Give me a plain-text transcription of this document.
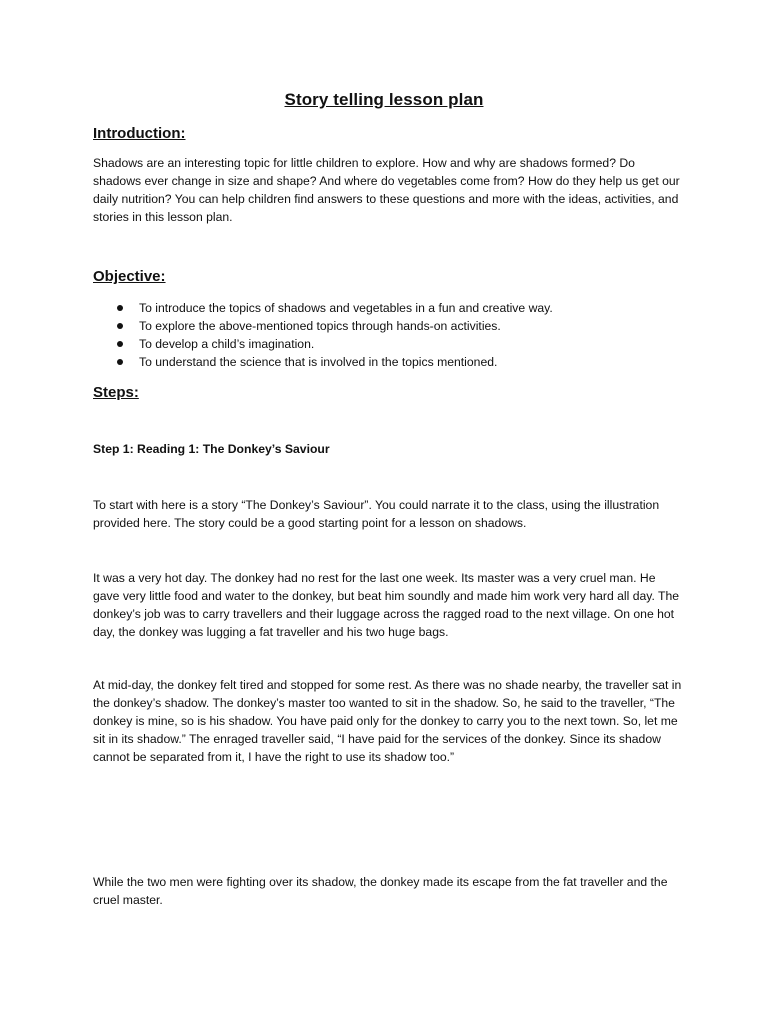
Story telling lesson plan
Introduction:

Shadows are an interesting topic for little children to explore. How and why are shadows formed? Do shadows ever change in size and shape? And where do vegetables come from? How do they help us get our daily nutrition? You can help children find answers to these questions and more with the ideas, activities, and stories in this lesson plan.

Objective:
To introduce the topics of shadows and vegetables in a fun and creative way.
To explore the above-mentioned topics through hands-on activities.
To develop a child’s imagination.
To understand the science that is involved in the topics mentioned.
Steps:
Step 1: Reading 1: The Donkey’s Saviour

To start with here is a story “The Donkey’s Saviour”. You could narrate it to the class, using the illustration provided here. The story could be a good starting point for a lesson on shadows.

It was a very hot day. The donkey had no rest for the last one week. Its master was a very cruel man. He gave very little food and water to the donkey, but beat him soundly and made him work very hard all day. The donkey’s job was to carry travellers and their luggage across the ragged road to the next village. On one hot day, the donkey was lugging a fat traveller and his two huge bags.

At mid-day, the donkey felt tired and stopped for some rest. As there was no shade nearby, the traveller sat in the donkey’s shadow. The donkey’s master too wanted to sit in the shadow. So, he said to the traveller, “The donkey is mine, so is his shadow. You have paid only for the donkey to carry you to the next town. So, let me sit in its shadow.” The enraged traveller said, “I have paid for the services of the donkey. Since its shadow cannot be separated from it, I have the right to use its shadow too.”

While the two men were fighting over its shadow, the donkey made its escape from the fat traveller and the cruel master.
